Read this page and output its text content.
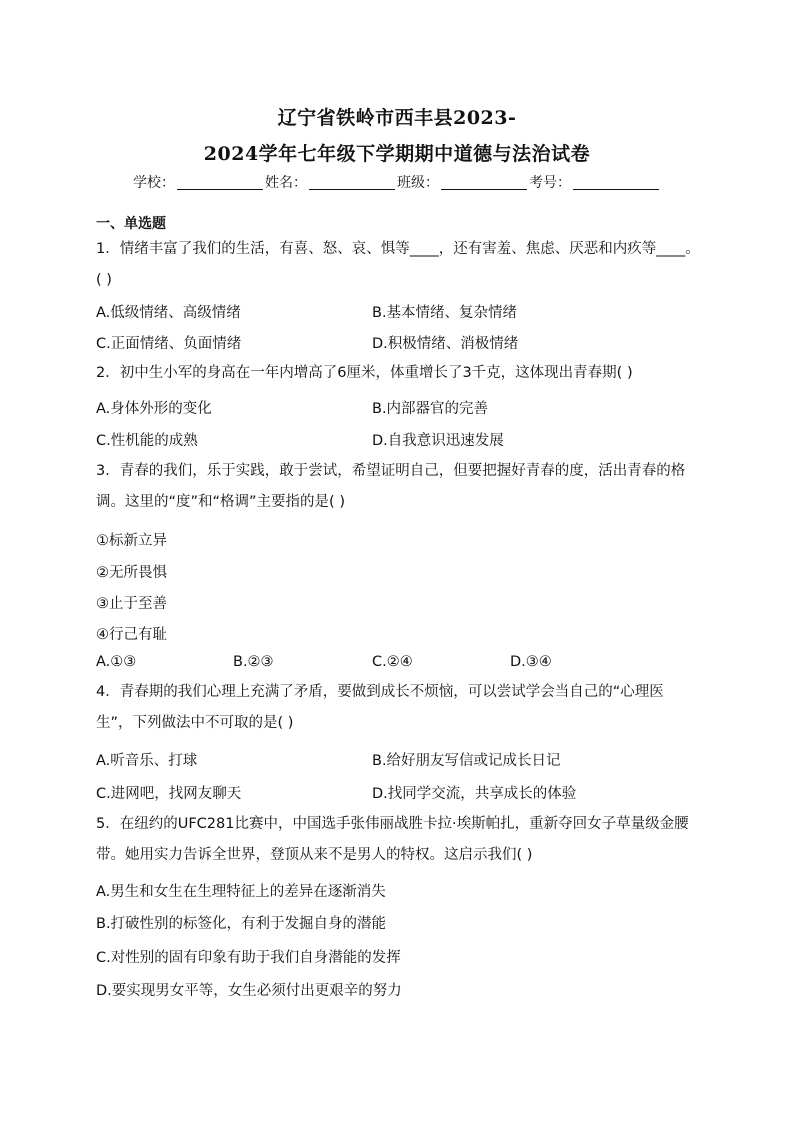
辽宁省铁岭市西丰县2023-
2024学年七年级下学期期中道德与法治试卷
学校：	姓名：	班级：	考号：
一、单选题
1．情绪丰富了我们的生活，有喜、怒、哀、惧等____，还有害羞、焦虑、厌恶和内疚等____。( )
A.低级情绪、高级情绪	B.基本情绪、复杂情绪
C.正面情绪、负面情绪	D.积极情绪、消极情绪
2．初中生小军的身高在一年内增高了6厘米，体重增长了3千克，这体现出青春期( )
A.身体外形的变化	B.内部器官的完善
C.性机能的成熟	D.自我意识迅速发展
3．青春的我们，乐于实践，敢于尝试，希望证明自己，但要把握好青春的度，活出青春的格调。这里的“度”和“格调”主要指的是( )
①标新立异
②无所畏惧
③止于至善
④行己有耻
A.①③	B.②③	C.②④	D.③④
4．青春期的我们心理上充满了矛盾，要做到成长不烦恼，可以尝试学会当自己的“心理医生”，下列做法中不可取的是( )
A.听音乐、打球	B.给好朋友写信或记成长日记
C.进网吧，找网友聊天	D.找同学交流，共享成长的体验
5．在纽约的UFC281比赛中，中国选手张伟丽战胜卡拉·埃斯帕扎，重新夺回女子草量级金腰带。她用实力告诉全世界，登顶从来不是男人的特权。这启示我们( )
A.男生和女生在生理特征上的差异在逐渐消失
B.打破性别的标签化，有利于发掘自身的潜能
C.对性别的固有印象有助于我们自身潜能的发挥
D.要实现男女平等，女生必须付出更艰辛的努力
